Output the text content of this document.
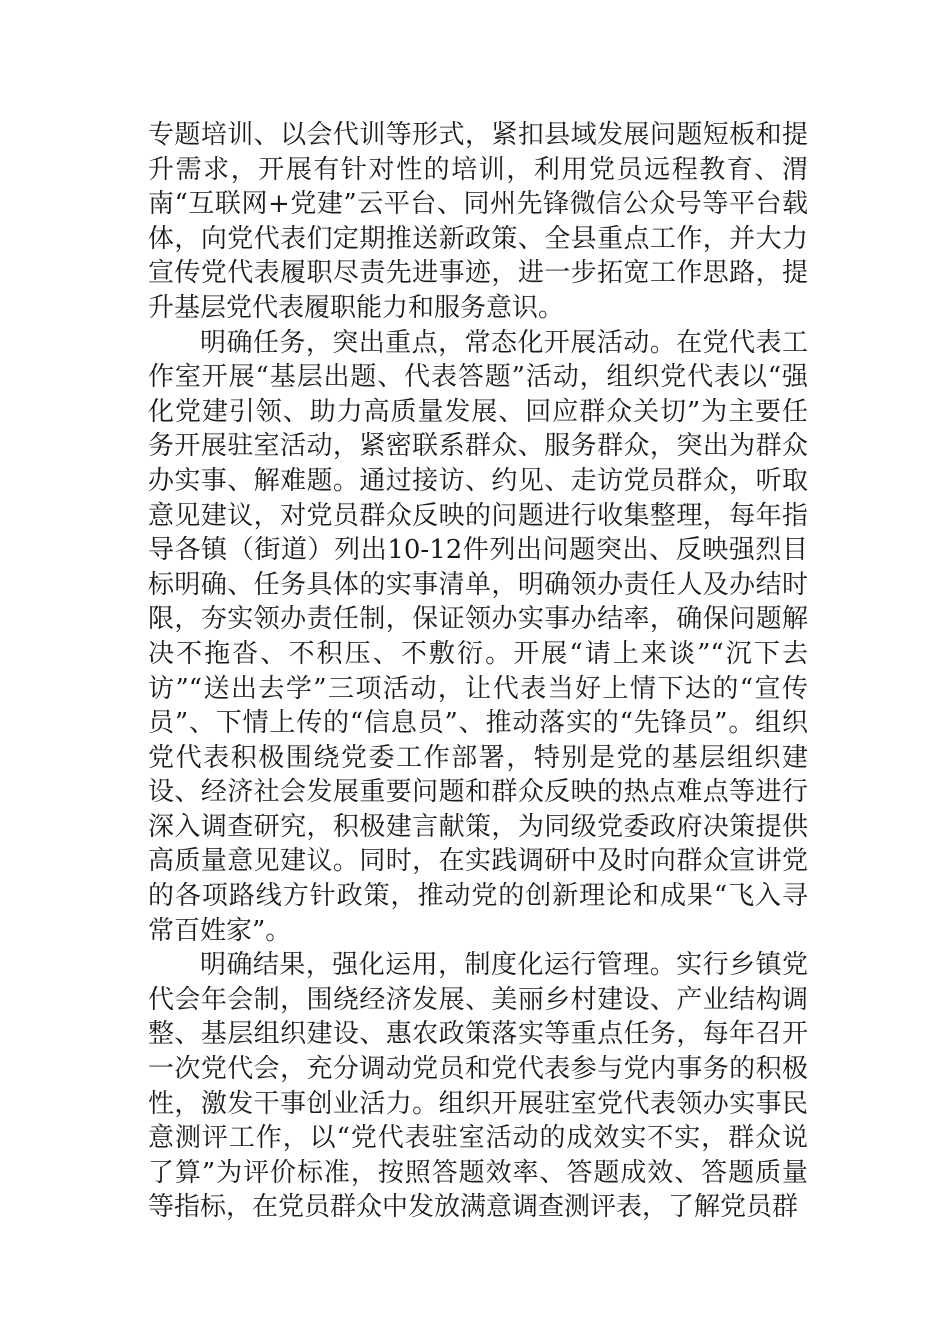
专题培训、以会代训等形式，紧扣县域发展问题短板和提升需求，开展有针对性的培训，利用党员远程教育、渭南“互联网+党建”云平台、同州先锋微信公众号等平台载体，向党代表们定期推送新政策、全县重点工作，并大力宣传党代表履职尽责先进事迹，进一步拓宽工作思路，提升基层党代表履职能力和服务意识。

明确任务，突出重点，常态化开展活动。在党代表工作室开展“基层出题、代表答题”活动，组织党代表以“强化党建引领、助力高质量发展、回应群众关切”为主要任务开展驻室活动，紧密联系群众、服务群众，突出为群众办实事、解难题。通过接访、约见、走访党员群众，听取意见建议，对党员群众反映的问题进行收集整理，每年指导各镇（街道）列出10-12件列出问题突出、反映强烈目标明确、任务具体的实事清单，明确领办责任人及办结时限，夯实领办责任制，保证领办实事办结率，确保问题解决不拖沓、不积压、不敷衍。开展“请上来谈”“沉下去访”“送出去学”三项活动，让代表当好上情下达的“宣传员”、下情上传的“信息员”、推动落实的“先锋员”。组织党代表积极围绕党委工作部署，特别是党的基层组织建设、经济社会发展重要问题和群众反映的热点难点等进行深入调查研究，积极建言献策，为同级党委政府决策提供高质量意见建议。同时，在实践调研中及时向群众宣讲党的各项路线方针政策，推动党的创新理论和成果“飞入寻常百姓家”。

明确结果，强化运用，制度化运行管理。实行乡镇党代会年会制，围绕经济发展、美丽乡村建设、产业结构调整、基层组织建设、惠农政策落实等重点任务，每年召开一次党代会，充分调动党员和党代表参与党内事务的积极性，激发干事创业活力。组织开展驻室党代表领办实事民意测评工作，以“党代表驻室活动的成效实不实，群众说了算”为评价标准，按照答题效率、答题成效、答题质量等指标，在党员群众中发放满意调查测评表，了解党员群
